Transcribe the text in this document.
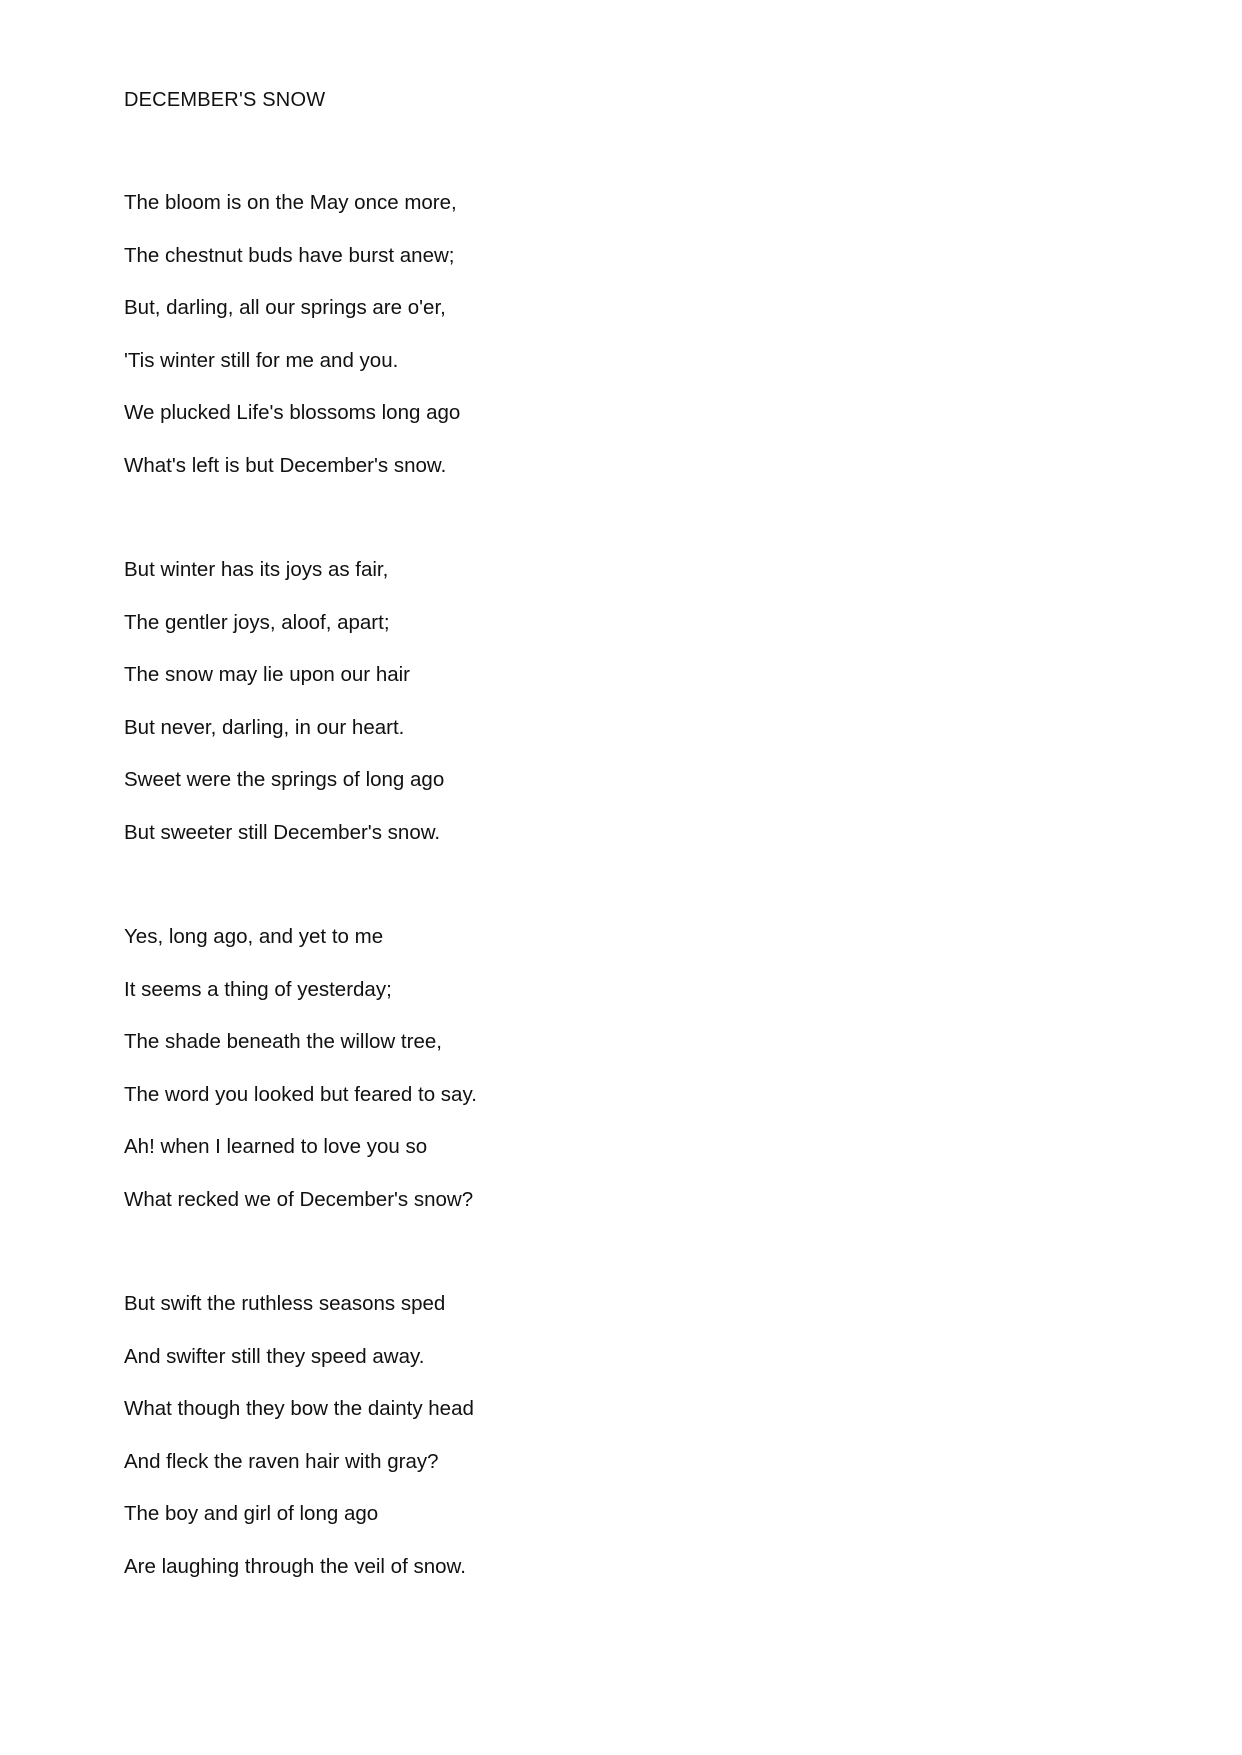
DECEMBER'S SNOW
The bloom is on the May once more,
The chestnut buds have burst anew;
But, darling, all our springs are o'er,
'Tis winter still for me and you.
We plucked Life's blossoms long ago
What's left is but December's snow.
But winter has its joys as fair,
The gentler joys, aloof, apart;
The snow may lie upon our hair
But never, darling, in our heart.
Sweet were the springs of long ago
But sweeter still December's snow.
Yes, long ago, and yet to me
It seems a thing of yesterday;
The shade beneath the willow tree,
The word you looked but feared to say.
Ah! when I learned to love you so
What recked we of December's snow?
But swift the ruthless seasons sped
And swifter still they speed away.
What though they bow the dainty head
And fleck the raven hair with gray?
The boy and girl of long ago
Are laughing through the veil of snow.
